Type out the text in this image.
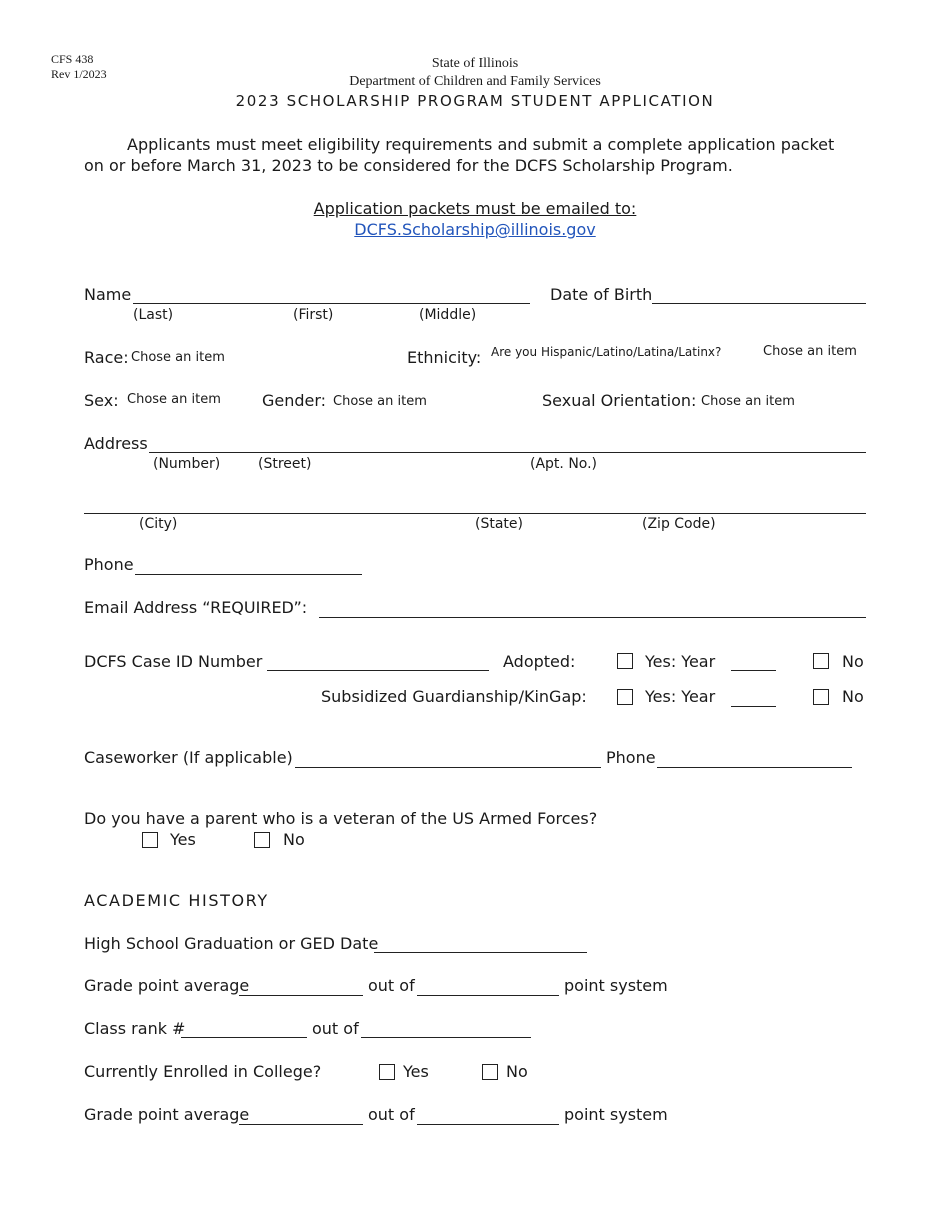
CFS 438
Rev 1/2023
State of Illinois
Department of Children and Family Services
2023 SCHOLARSHIP PROGRAM STUDENT APPLICATION
Applicants must meet eligibility requirements and submit a complete application packet
on or before March 31, 2023 to be considered for the DCFS Scholarship Program.
Application packets must be emailed to:
DCFS.Scholarship@illinois.gov
Name
(Last)	(First)	(Middle)
Date of Birth
Race: Chose an item	Ethnicity: Are you Hispanic/Latino/Latina/Latinx?	Chose an item
Sex: Chose an item	Gender: Chose an item	Sexual Orientation: Chose an item
Address
(Number)	(Street)	(Apt. No.)
(City)	(State)	(Zip Code)
Phone
Email Address “REQUIRED”:
DCFS Case ID Number	Adopted:	Yes: Year	No
Subsidized Guardianship/KinGap:	Yes: Year	No
Caseworker (If applicable)	Phone
Do you have a parent who is a veteran of the US Armed Forces?
Yes	No
ACADEMIC HISTORY
High School Graduation or GED Date
Grade point average	out of	point system
Class rank #	out of
Currently Enrolled in College?	Yes	No
Grade point average	out of	point system
